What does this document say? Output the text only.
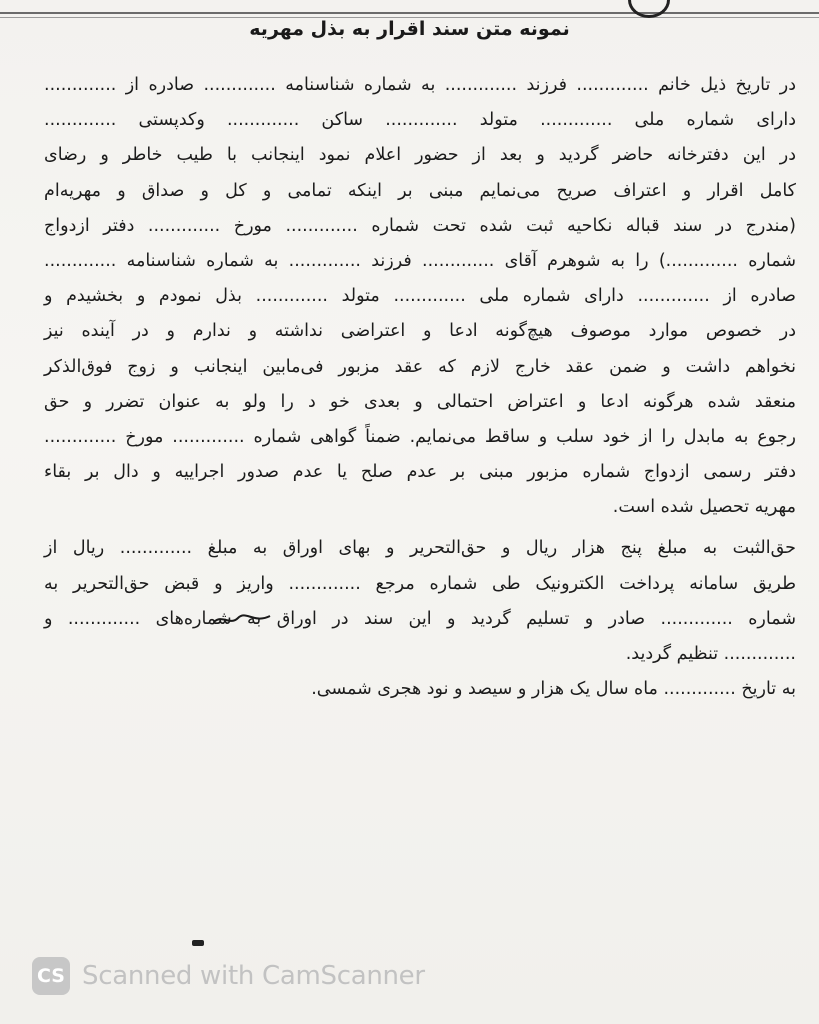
نمونه متن سند اقرار به بذل مهریه
در تاریخ ذیل خانم ............. فرزند ............. به شماره شناسنامه ............. صادره از .............
دارای شماره ملی ............. متولد ............. ساکن ............. وکدپستی .............
در این دفترخانه حاضر گردید و بعد از حضور اعلام نمود اینجانب با طیب خاطر و رضای
کامل اقرار و اعتراف صریح می‌نمایم مبنی بر اینکه تمامی و کل و صداق و مهریه‌ام
(مندرج در سند قباله نکاحیه ثبت شده تحت شماره ............. مورخ ............. دفتر ازدواج
شماره .............) را به شوهرم آقای ............. فرزند ............. به شماره شناسنامه .............
صادره از ............. دارای شماره ملی ............. متولد ............. بذل نمودم و بخشیدم و
در خصوص موارد موصوف هیچ‌گونه ادعا و اعتراضی نداشته و ندارم و در آینده نیز
نخواهم داشت و ضمن عقد خارج لازم که عقد مزبور فی‌مابین اینجانب و زوج فوق‌الذکر
منعقد شده هرگونه ادعا و اعتراض احتمالی و بعدی خو د را ولو به عنوان تضرر و حق
رجوع به مابدل را از خود سلب و ساقط می‌نمایم. ضمناً گواهی شماره ............. مورخ .............
دفتر رسمی ازدواج شماره مزبور مبنی بر عدم صلح یا عدم صدور اجراییه و دال بر بقاء
مهریه تحصیل شده است.
حق‌الثبت به مبلغ پنج هزار ریال و حق‌التحریر و بهای اوراق به مبلغ ............. ریال از
طریق سامانه پرداخت الکترونیک طی شماره مرجع ............. واریز و قبض حق‌التحریر به
شماره ............. صادر و تسلیم گردید و این سند در اوراق به شماره‌های ............. و
............. تنظیم گردید.
به تاریخ ............. ماه سال یک هزار و سیصد و نود هجری شمسی.
CS Scanned with CamScanner
